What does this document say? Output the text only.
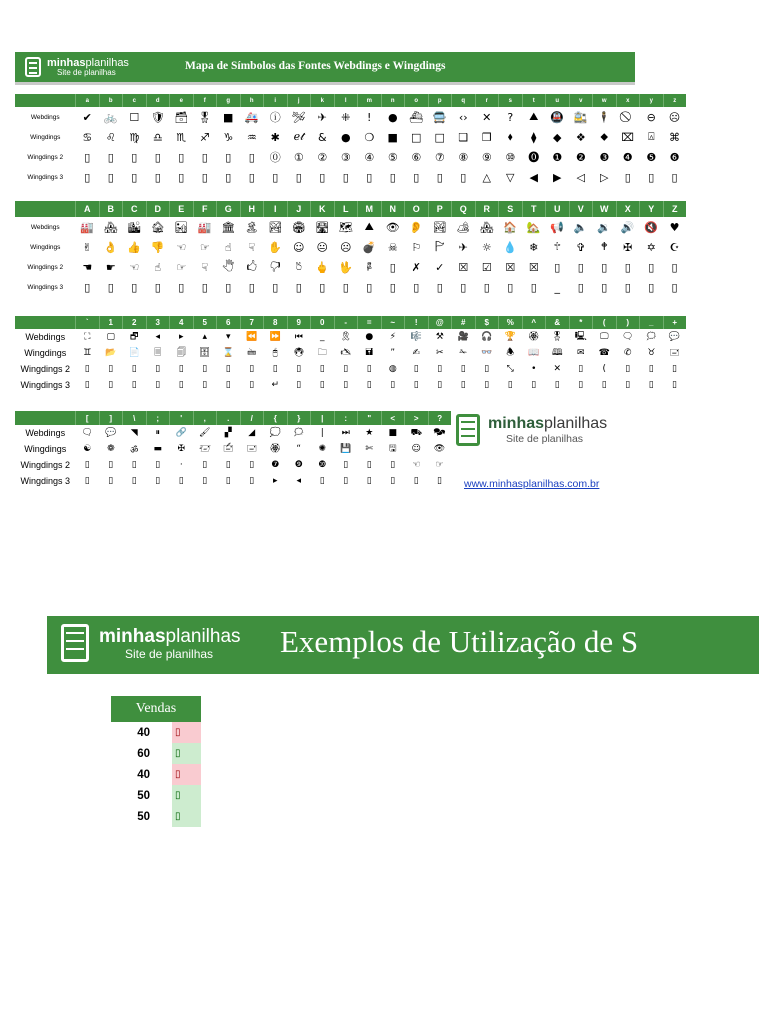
minhasplanilhas
Site de planilhas	Mapa de Símbolos das Fontes Webdings e Wingdings
	a	b	c	d	e	f	g	h	i	j	k	l	m	n	o	p	q	r	s	t	u	v	w	x	y	z
Webdings	✔	🚲	☐	🛡	🗃	🎖	■	🚑	ⓘ	🛩	✈	⁜	!	●	⛴	🚍	‹›	✕	?	⛰	🚇	🚉	🕴		⊖	☹
Wingdings	♋	♌	♍	♎	♏	♐	♑	♒	✱	ℯ𝓉	&	●	❍	■	□	□	❑	❒	⬧	⧫	◆	❖	⬥	⌧	⍓	⌘
Wingdings 2	▯	▯	▯	▯	▯	▯	▯	▯	⓪	①	②	③	④	⑤	⑥	⑦	⑧	⑨	⑩	⓿	❶	❷	❸	❹	❺	❻
Wingdings 3	▯	▯	▯	▯	▯	▯	▯	▯	▯	▯	▯	▯	▯	▯	▯	▯	▯	△	▽	◀	▶	◁	▷	▯	▯	▯
	A	B	C	D	E	F	G	H	I	J	K	L	M	N	O	P	Q	R	S	T	U	V	W	X	Y	Z
Webdings	🏭	🏘	🏙	🏚	🏜	🏭	🏛	🏝	🏞	🏟	🛣	🗺	⛰	👁	👂	🏞	🏕	🏘	🏠	🏡	📢	🔈	🔉	🔊	🔇	♥
Wingdings	✌	👌	👍	👎	☜	☞	☝	☟	✋	☺	😐	☹	💣	☠	⚐	🏱	✈	☼	💧	❄	🕆	✞	🕈	✠	✡	☪
Wingdings 2	☚	☛	☜	☝	☞	☟	🖑	🖒	🖓	🖔	🖕	🖖	🖗	▯	✗	✓	☒	☑	☒	☒	▯	▯	▯	▯	▯	▯
Wingdings 3	▯	▯	▯	▯	▯	▯	▯	▯	▯	▯	▯	▯	▯	▯	▯	▯	▯	▯	▯	▯	_	▯	▯	▯	▯	▯
	`	1	2	3	4	5	6	7	8	9	0	-	=	~	!	@	#	$	%	^	&	*	(	)	_	+
Webdings	⛶	▢	🗗	◂	▸	▴	▾	⏪	⏩	⏮	_	🎗	●	⚡	🎼	⚒	🎥	🎧	🏆	🏵	🎖	🖳	🖵	🗨	🗯	💬
Wingdings	♊	📂	📄	🗏	🗐	🗄	⌛	🖮	🖰	🖲	🗀	🖎	🖬	”	✍	✂	✁	👓	🕭	📖	🕮	✉	☎	✆	♉	🖃
Wingdings 2	▯	▯	▯	▯	▯	▯	▯	▯	▯	▯	▯	▯	▯	◍	▯	▯	▯	▯	⤡	•	✕	▯	(	▯	▯	▯
Wingdings 3	▯	▯	▯	▯	▯	▯	▯	▯	↵	▯	▯	▯	▯	▯	▯	▯	▯	▯	▯	▯	▯	▯	▯	▯	▯	▯
	[	]	\	;	'	,	.	/	{	}	|	:	"	<	>	?
Webdings	🗨	💬	◥	⏸	🔗	🖌	▞	◢	💭	🗯	|	⏭	★	■	⛟	🗫
Wingdings	☯	❁	ॐ	▬	✠	🖅	🖆	🖃	🏵	“	✺	💾	✄	🖫	☺	👁
Wingdings 2	▯	▯	▯	▯	·	▯	▯	▯	❼	❾	❿	▯	▯	▯	☜	☞
Wingdings 3	▯	▯	▯	▯	▯	▯	▯	▯	▸	◂	▯	▯	▯	▯	▯	▯
minhasplanilhas
Site de planilhas
www.minhasplanilhas.com.br
minhasplanilhas
Site de planilhas	Exemplos de Utilização de S
Vendas	
40	▯
60	▯
40	▯
50	▯
50	▯
